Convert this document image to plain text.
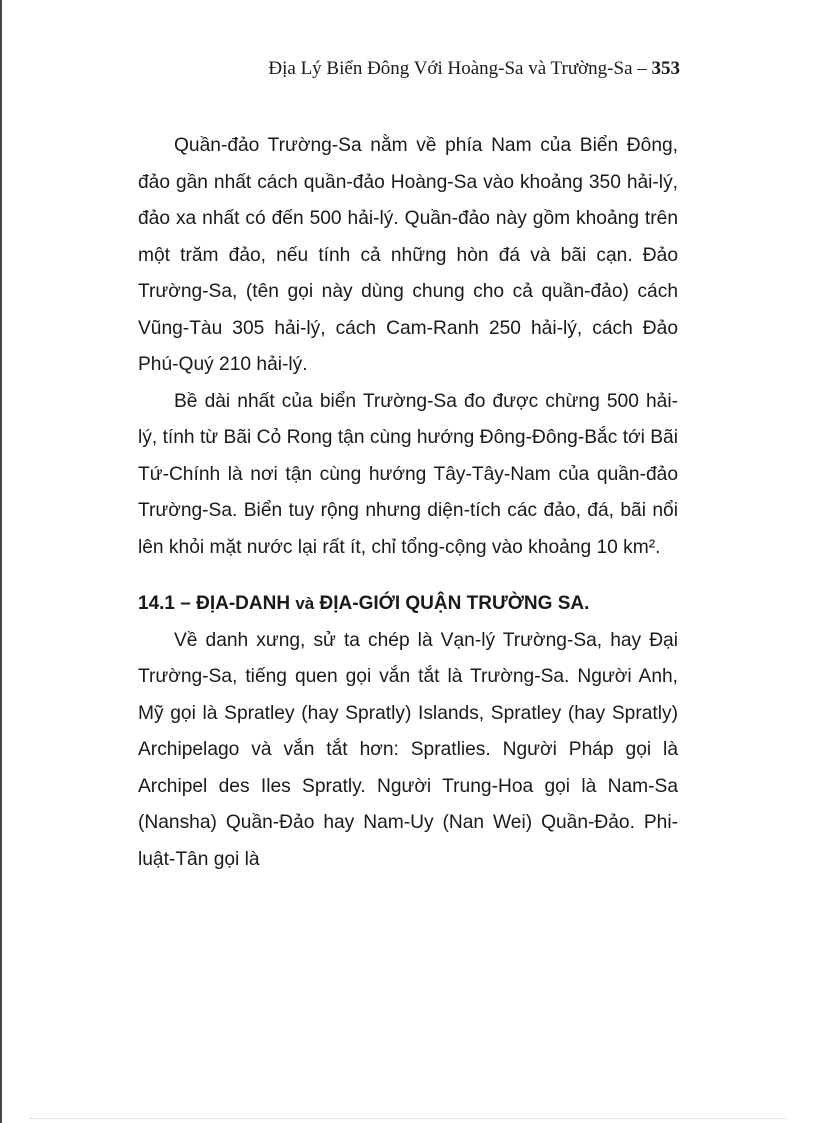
Địa Lý Biển Đông Với Hoàng-Sa và Trường-Sa – 353

Quần-đảo Trường-Sa nằm về phía Nam của Biển Đông, đảo gần nhất cách quần-đảo Hoàng-Sa vào khoảng 350 hải-lý, đảo xa nhất có đến 500 hải-lý. Quần-đảo này gồm khoảng trên một trăm đảo, nếu tính cả những hòn đá và bãi cạn. Đảo Trường-Sa, (tên gọi này dùng chung cho cả quần-đảo) cách Vũng-Tàu 305 hải-lý, cách Cam-Ranh 250 hải-lý, cách Đảo Phú-Quý 210 hải-lý.

Bề dài nhất của biển Trường-Sa đo được chừng 500 hải-lý, tính từ Bãi Cỏ Rong tận cùng hướng Đông-Đông-Bắc tới Bãi Tứ-Chính là nơi tận cùng hướng Tây-Tây-Nam của quần-đảo Trường-Sa. Biển tuy rộng nhưng diện-tích các đảo, đá, bãi nổi lên khỏi mặt nước lại rất ít, chỉ tổng-cộng vào khoảng 10 km².

14.1 – ĐỊA-DANH và ĐỊA-GIỚI QUẬN TRƯỜNG SA.

Về danh xưng, sử ta chép là Vạn-lý Trường-Sa, hay Đại Trường-Sa, tiếng quen gọi vắn tắt là Trường-Sa. Người Anh, Mỹ gọi là Spratley (hay Spratly) Islands, Spratley (hay Spratly) Archipelago và vắn tắt hơn: Spratlies. Người Pháp gọi là Archipel des Iles Spratly. Người Trung-Hoa gọi là Nam-Sa (Nansha) Quần-Đảo hay Nam-Uy (Nan Wei) Quần-Đảo. Phi-luật-Tân gọi là
